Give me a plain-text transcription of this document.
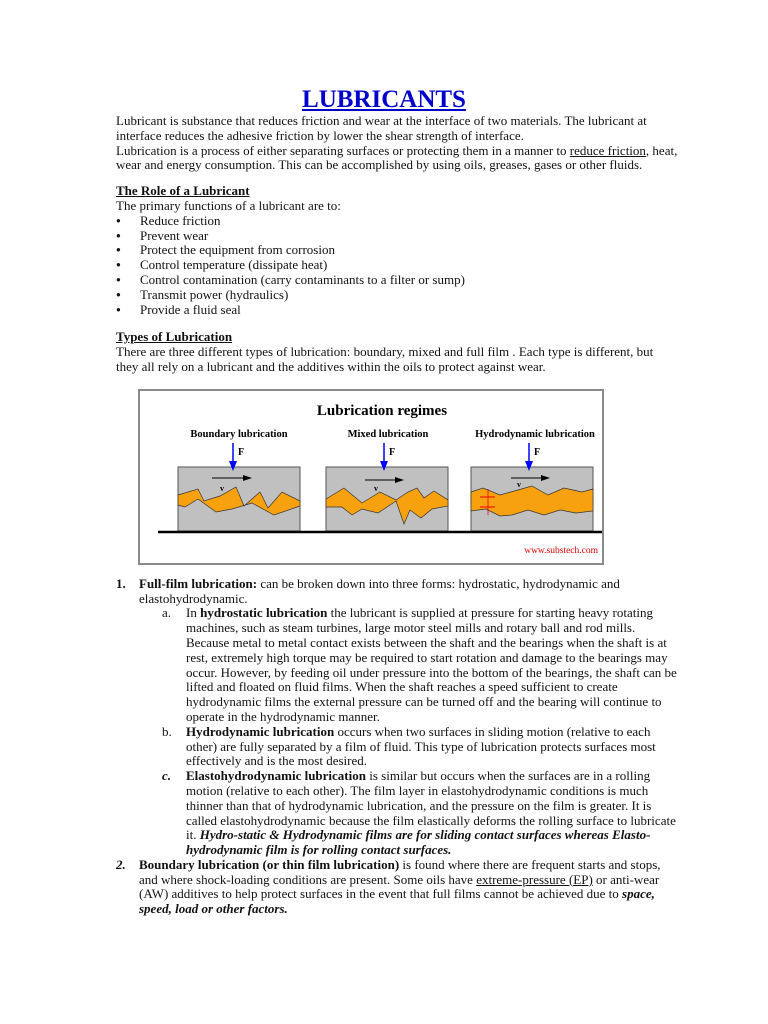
LUBRICANTS
Lubricant is substance that reduces friction and wear at the interface of two materials. The lubricant at interface reduces the adhesive friction by lower the shear strength of interface.
Lubrication is a process of either separating surfaces or protecting them in a manner to reduce friction, heat, wear and energy consumption. This can be accomplished by using oils, greases, gases or other fluids.
The Role of a Lubricant
The primary functions of a lubricant are to:
● Reduce friction
● Prevent wear
● Protect the equipment from corrosion
● Control temperature (dissipate heat)
● Control contamination (carry contaminants to a filter or sump)
● Transmit power (hydraulics)
● Provide a fluid seal
Types of Lubrication
There are three different types of lubrication: boundary, mixed and full film . Each type is different, but they all rely on a lubricant and the additives within the oils to protect against wear.
Lubrication regimes
Boundary lubrication	Mixed lubrication	Hydrodynamic lubrication
F	F	F
v	v	v
www.substech.com
1. Full-film lubrication: can be broken down into three forms: hydrostatic, hydrodynamic and elastohydrodynamic.
a. In hydrostatic lubrication the lubricant is supplied at pressure for starting heavy rotating machines, such as steam turbines, large motor steel mills and rotary ball and rod mills. Because metal to metal contact exists between the shaft and the bearings when the shaft is at rest, extremely high torque may be required to start rotation and damage to the bearings may occur. However, by feeding oil under pressure into the bottom of the bearings, the shaft can be lifted and floated on fluid films. When the shaft reaches a speed sufficient to create hydrodynamic films the external pressure can be turned off and the bearing will continue to operate in the hydrodynamic manner.
b. Hydrodynamic lubrication occurs when two surfaces in sliding motion (relative to each other) are fully separated by a film of fluid. This type of lubrication protects surfaces most effectively and is the most desired.
c. Elastohydrodynamic lubrication is similar but occurs when the surfaces are in a rolling motion (relative to each other). The film layer in elastohydrodynamic conditions is much thinner than that of hydrodynamic lubrication, and the pressure on the film is greater. It is called elastohydrodynamic because the film elastically deforms the rolling surface to lubricate it. Hydro-static & Hydrodynamic films are for sliding contact surfaces whereas Elasto-hydrodynamic film is for rolling contact surfaces.
2. Boundary lubrication (or thin film lubrication) is found where there are frequent starts and stops, and where shock-loading conditions are present. Some oils have extreme-pressure (EP) or anti-wear (AW) additives to help protect surfaces in the event that full films cannot be achieved due to space, speed, load or other factors.
